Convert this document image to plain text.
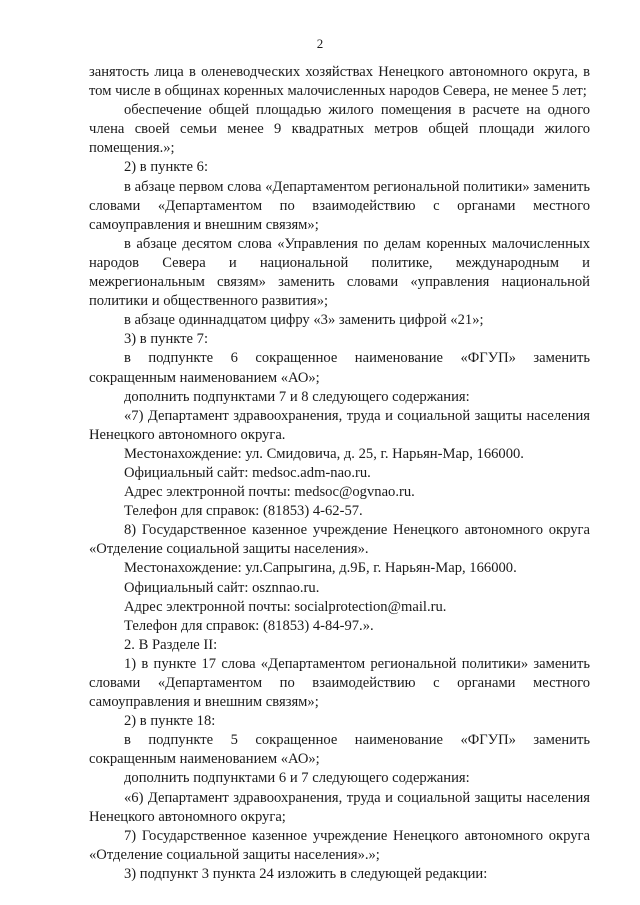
2

занятость лица в оленеводческих хозяйствах Ненецкого автономного округа, в том числе в общинах коренных малочисленных народов Севера, не менее 5 лет;

обеспечение общей площадью жилого помещения в расчете на одного члена своей семьи менее 9 квадратных метров общей площади жилого помещения.»;

2) в пункте 6:

в абзаце первом слова «Департаментом региональной политики» заменить словами «Департаментом по взаимодействию с органами местного самоуправления и внешним связям»;

в абзаце десятом слова «Управления по делам коренных малочисленных народов Севера и национальной политике, международным и межрегиональным связям» заменить словами «управления национальной политики и общественного развития»;

в абзаце одиннадцатом цифру «3» заменить цифрой «21»;

3) в пункте 7:

в подпункте 6 сокращенное наименование «ФГУП» заменить сокращенным наименованием «АО»;

дополнить подпунктами 7 и 8 следующего содержания:

«7) Департамент здравоохранения, труда и социальной защиты населения Ненецкого автономного округа.

Местонахождение: ул. Смидовича, д. 25, г. Нарьян-Мар, 166000.

Официальный сайт: medsoc.adm-nao.ru.

Адрес электронной почты: medsoc@ogvnao.ru.

Телефон для справок: (81853) 4-62-57.

8) Государственное казенное учреждение Ненецкого автономного округа «Отделение социальной защиты населения».

Местонахождение: ул.Сапрыгина, д.9Б, г. Нарьян-Мар, 166000.

Официальный сайт: osznnao.ru.

Адрес электронной почты: socialprotection@mail.ru.

Телефон для справок: (81853) 4-84-97.».

2. В Разделе II:

1) в пункте 17 слова «Департаментом региональной политики» заменить словами «Департаментом по взаимодействию с органами местного самоуправления и внешним связям»;

2) в пункте 18:

в подпункте 5 сокращенное наименование «ФГУП» заменить сокращенным наименованием «АО»;

дополнить подпунктами 6 и 7 следующего содержания:

«6) Департамент здравоохранения, труда и социальной защиты населения Ненецкого автономного округа;

7) Государственное казенное учреждение Ненецкого автономного округа «Отделение социальной защиты населения».»;

3) подпункт 3 пункта 24 изложить в следующей редакции:
